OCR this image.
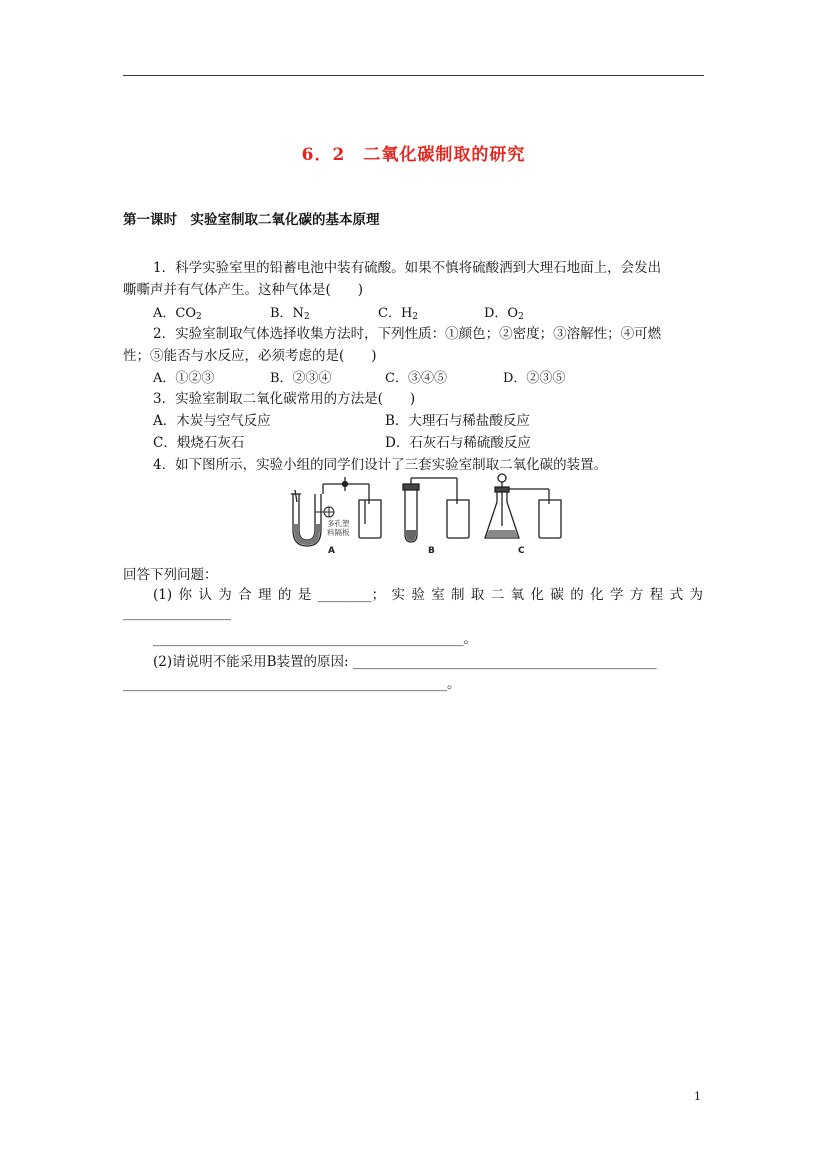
6．2　二氧化碳制取的研究
第一课时　实验室制取二氧化碳的基本原理
1．科学实验室里的铅蓄电池中装有硫酸。如果不慎将硫酸洒到大理石地面上，会发出
嘶嘶声并有气体产生。这种气体是(　　)
A．$CO_2$	B．$N_2$	C．$H_2$	D．$O_2$
2．实验室制取气体选择收集方法时，下列性质：①颜色；②密度；③溶解性；④可燃
性；⑤能否与水反应，必须考虑的是(　　)
A．①②③	B．②③④	C．③④⑤	D．②③⑤
3．实验室制取二氧化碳常用的方法是(　　)
A．木炭与空气反应	B．大理石与稀盐酸反应
C．煅烧石灰石	D．石灰石与稀硫酸反应
4．如下图所示，实验小组的同学们设计了三套实验室制取二氧化碳的装置。
多孔塑
料隔板
A	B	C
回答下列问题：
(1)你认为合理的是________；实验室制取二氧化碳的化学方程式为
________________
______________________________________________。
(2)请说明不能采用B装置的原因: _____________________________________________
________________________________________________。
1
